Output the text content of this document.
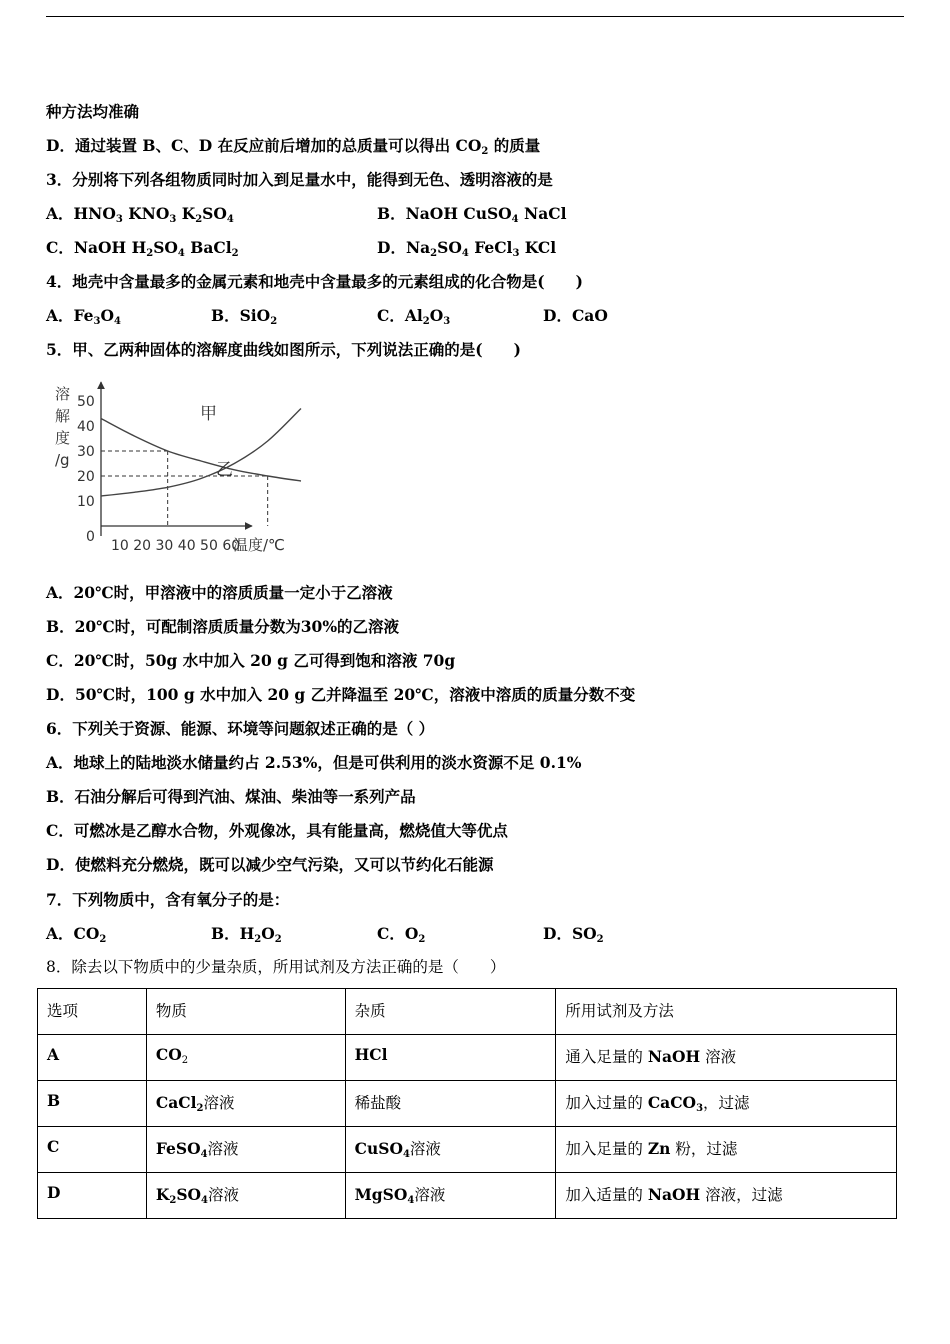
种方法均准确
D．通过装置 B、C、D 在反应前后增加的总质量可以得出 $CO_2$ 的质量
3．分别将下列各组物质同时加入到足量水中，能得到无色、透明溶液的是
A．$HNO_3$ $KNO_3$ $K_2SO_4$	B．NaOH CuSO$_4$ NaCl
C．NaOH $H_2SO_4$ BaCl$_2$	D．$Na_2SO_4$ FeCl$_3$ KCl
4．地壳中含量最多的金属元素和地壳中含量最多的元素组成的化合物是(　　)
A．$Fe_3O_4$	B．SiO$_2$	C．$Al_2O_3$	D．CaO
5．甲、乙两种固体的溶解度曲线如图所示，下列说法正确的是(　　)
溶
解
度
/g
0
10
20
30
40
50
10 20 30 40 50 60
温度/℃
甲
乙
A．20℃时，甲溶液中的溶质质量一定小于乙溶液
B．20℃时，可配制溶质质量分数为30%的乙溶液
C．20℃时，50g 水中加入 20 g 乙可得到饱和溶液 70g
D．50℃时，100 g 水中加入 20 g 乙并降温至 20℃，溶液中溶质的质量分数不变
6．下列关于资源、能源、环境等问题叙述正确的是（ ）
A．地球上的陆地淡水储量约占 2.53%，但是可供利用的淡水资源不足 0.1%
B．石油分解后可得到汽油、煤油、柴油等一系列产品
C．可燃冰是乙醇水合物，外观像冰，具有能量高，燃烧值大等优点
D．使燃料充分燃烧，既可以减少空气污染，又可以节约化石能源
7．下列物质中，含有氧分子的是：
A．$CO_2$	B．$H_2O_2$	C．$O_2$	D．$SO_2$
8．除去以下物质中的少量杂质，所用试剂及方法正确的是（　　）
选项	物质	杂质	所用试剂及方法
A	$CO_2$	HCl	通入足量的 NaOH 溶液
B	CaCl$_2$溶液	稀盐酸	加入过量的 CaCO$_3$，过滤
C	FeSO$_4$溶液	CuSO$_4$溶液	加入足量的 Zn 粉，过滤
D	$K_2SO_4$溶液	MgSO$_4$溶液	加入适量的 NaOH 溶液，过滤
